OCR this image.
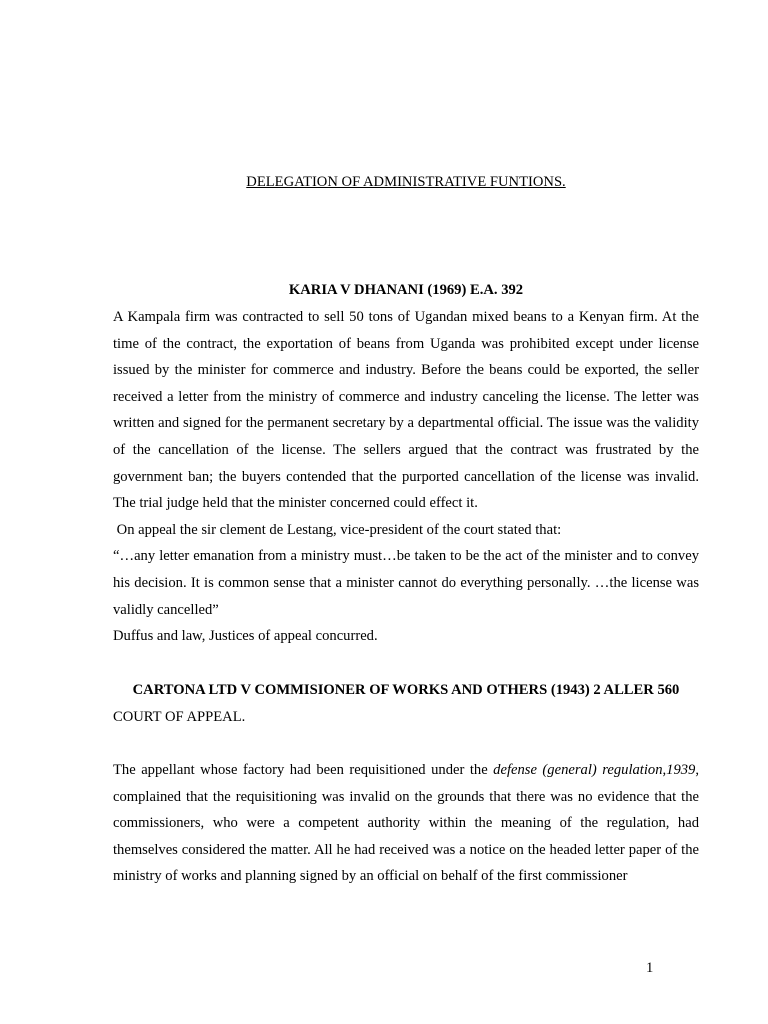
DELEGATION OF ADMINISTRATIVE FUNTIONS.
KARIA V DHANANI (1969) E.A. 392

A Kampala firm was contracted to sell 50 tons of Ugandan mixed beans to a Kenyan firm. At the time of the contract, the exportation of beans from Uganda was prohibited except under license issued by the minister for commerce and industry. Before the beans could be exported, the seller received a letter from the ministry of commerce and industry canceling the license. The letter was written and signed for the permanent secretary by a departmental official. The issue was the validity of the cancellation of the license. The sellers argued that the contract was frustrated by the government ban; the buyers contended that the purported cancellation of the license was invalid. The trial judge held that the minister concerned could effect it.

On appeal the sir clement de Lestang, vice-president of the court stated that:

“…any letter emanation from a ministry must…be taken to be the act of the minister and to convey his decision. It is common sense that a minister cannot do everything personally. …the license was validly cancelled”

Duffus and law, Justices of appeal concurred.

CARTONA LTD V COMMISIONER OF WORKS AND OTHERS (1943) 2 ALLER 560

COURT OF APPEAL.

The appellant whose factory had been requisitioned under the defense (general) regulation,1939, complained that the requisitioning was invalid on the grounds that there was no evidence that the commissioners, who were a competent authority within the meaning of the regulation, had themselves considered the matter. All he had received was a notice on the headed letter paper of the ministry of works and planning signed by an official on behalf of the first commissioner

1
